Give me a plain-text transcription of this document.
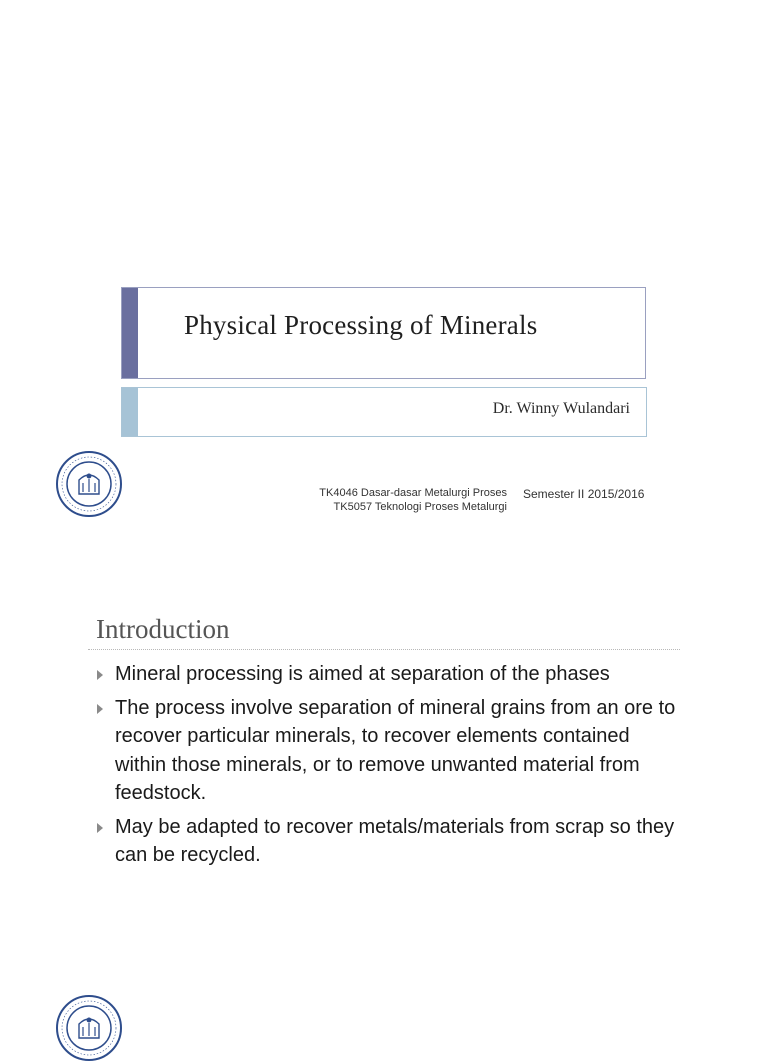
Physical Processing of Minerals
Dr. Winny Wulandari
TK4046 Dasar-dasar Metalurgi Proses
TK5057 Teknologi Proses Metalurgi
Semester II 2015/2016
Introduction
Mineral processing is aimed at separation of the phases
The process involve separation of mineral grains from an ore to recover particular minerals, to recover elements contained within those minerals, or to remove unwanted material from feedstock.
May be adapted to recover metals/materials from scrap so they can be recycled.
